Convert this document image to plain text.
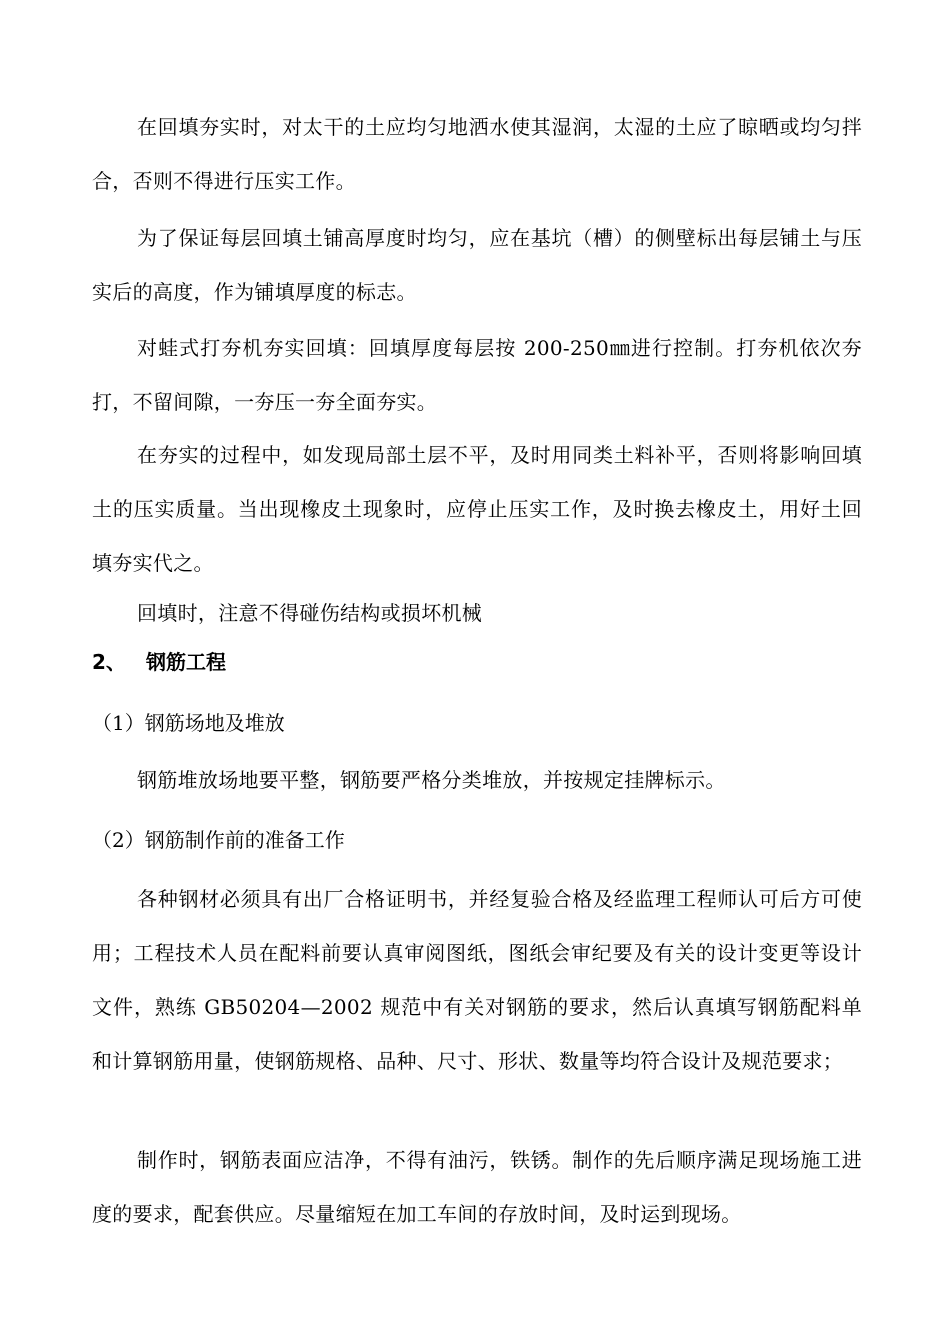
在回填夯实时，对太干的土应均匀地洒水使其湿润，太湿的土应了晾晒或均匀拌合，否则不得进行压实工作。

为了保证每层回填土铺高厚度时均匀，应在基坑（槽）的侧壁标出每层铺土与压实后的高度，作为铺填厚度的标志。

对蛙式打夯机夯实回填：回填厚度每层按 200-250㎜进行控制。打夯机依次夯打，不留间隙，一夯压一夯全面夯实。

在夯实的过程中，如发现局部土层不平，及时用同类土料补平，否则将影响回填土的压实质量。当出现橡皮土现象时，应停止压实工作，及时换去橡皮土，用好土回填夯实代之。

回填时，注意不得碰伤结构或损坏机械

2、 钢筋工程
（1）钢筋场地及堆放

钢筋堆放场地要平整，钢筋要严格分类堆放，并按规定挂牌标示。

（2）钢筋制作前的准备工作

各种钢材必须具有出厂合格证明书，并经复验合格及经监理工程师认可后方可使用；工程技术人员在配料前要认真审阅图纸，图纸会审纪要及有关的设计变更等设计文件，熟练 GB50204—2002 规范中有关对钢筋的要求，然后认真填写钢筋配料单和计算钢筋用量，使钢筋规格、品种、尺寸、形状、数量等均符合设计及规范要求；

制作时，钢筋表面应洁净，不得有油污，铁锈。制作的先后顺序满足现场施工进度的要求，配套供应。尽量缩短在加工车间的存放时间，及时运到现场。
